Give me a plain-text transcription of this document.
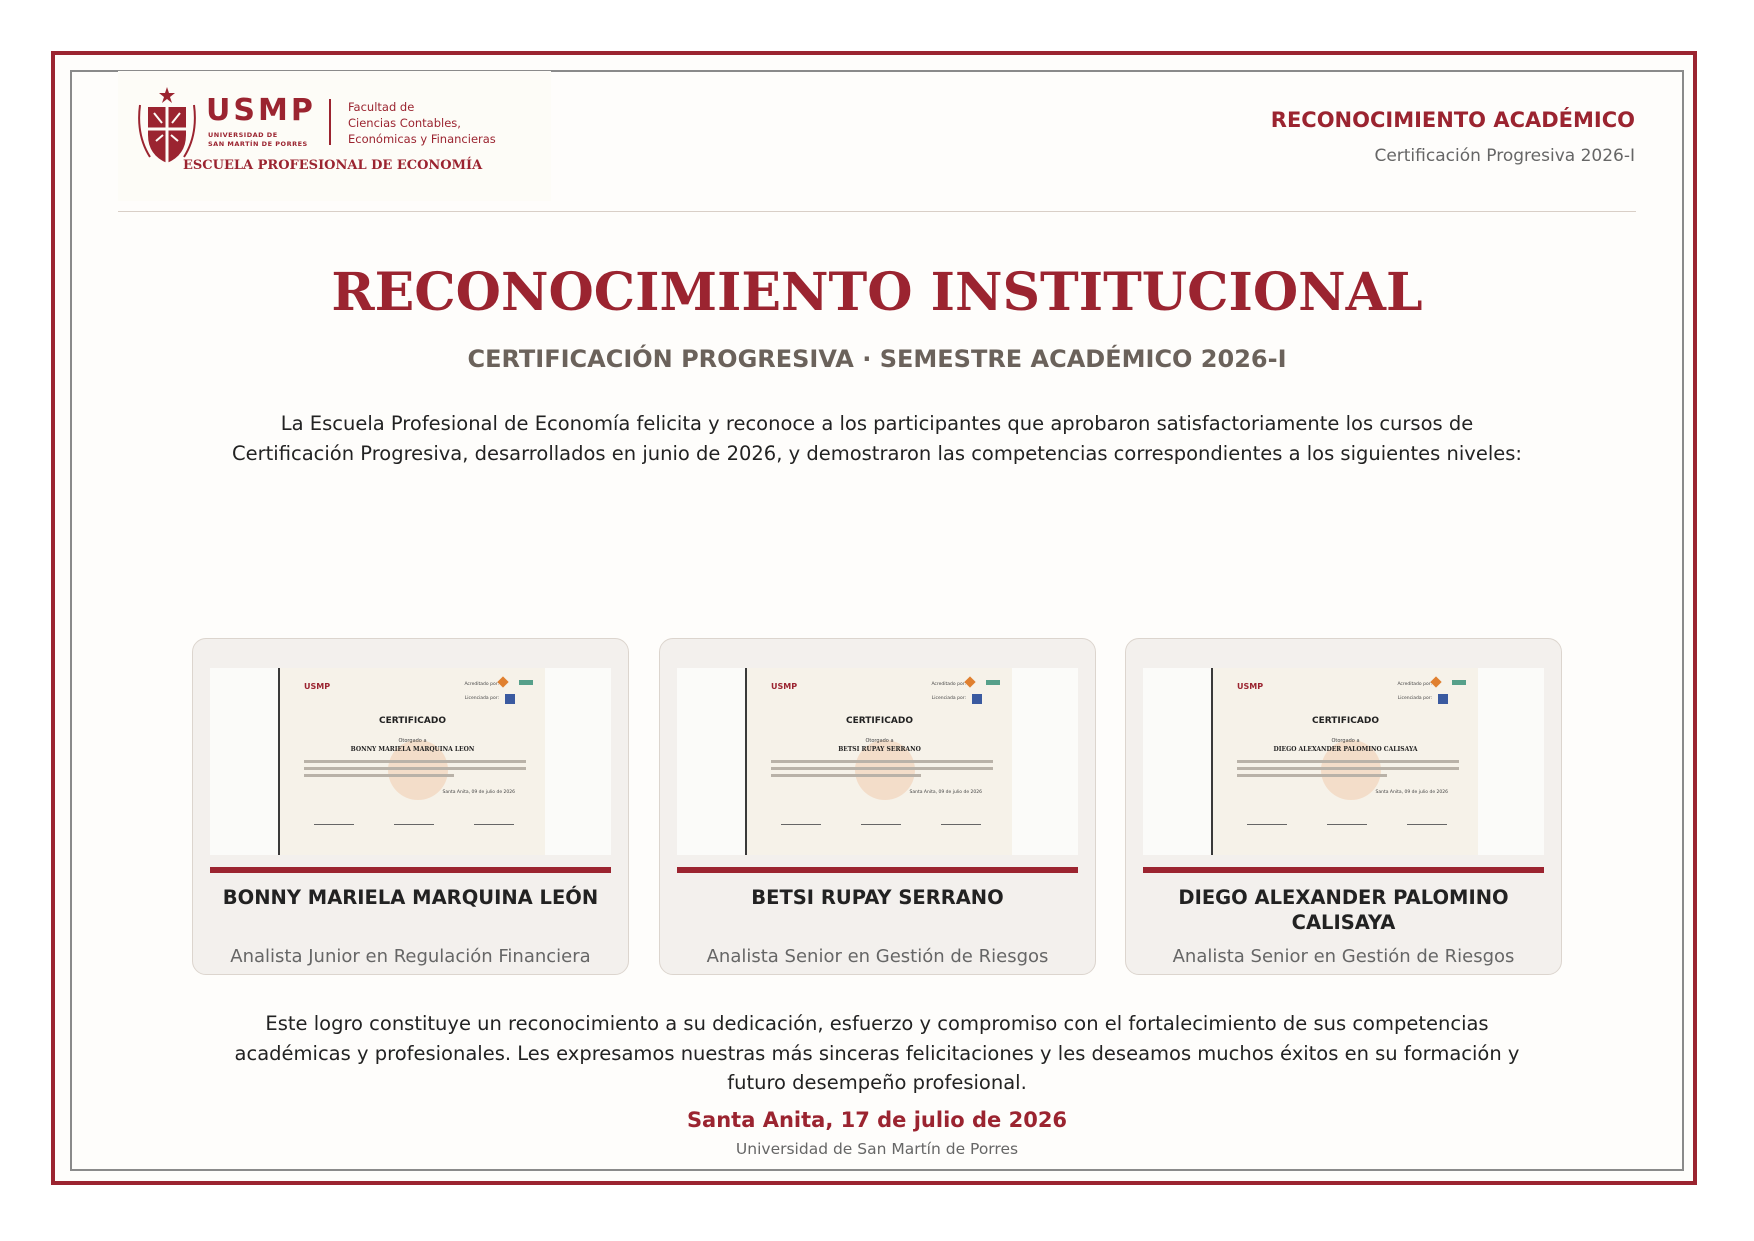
USMP
UNIVERSIDAD DE
SAN MARTÍN DE PORRES
Facultad de
Ciencias Contables,
Económicas y Financieras
ESCUELA PROFESIONAL DE ECONOMÍA
RECONOCIMIENTO ACADÉMICO
Certificación Progresiva 2026-I
RECONOCIMIENTO INSTITUCIONAL
CERTIFICACIÓN PROGRESIVA · SEMESTRE ACADÉMICO 2026-I
La Escuela Profesional de Economía felicita y reconoce a los participantes que aprobaron satisfactoriamente los cursos de Certificación Progresiva, desarrollados en junio de 2026, y demostraron las competencias correspondientes a los siguientes niveles:
USMP	Acreditado por:
Licenciada por:
CERTIFICADO
Otorgado a
BONNY MARIELA MARQUINA LEON
Santa Anita, 09 de julio de 2026
BONNY MARIELA MARQUINA LEÓN
Analista Junior en Regulación Financiera
USMP	Acreditado por:
Licenciada por:
CERTIFICADO
Otorgado a
BETSI RUPAY SERRANO
Santa Anita, 09 de julio de 2026
BETSI RUPAY SERRANO
Analista Senior en Gestión de Riesgos
USMP	Acreditado por:
Licenciada por:
CERTIFICADO
Otorgado a
DIEGO ALEXANDER PALOMINO CALISAYA
Santa Anita, 09 de julio de 2026
DIEGO ALEXANDER PALOMINO CALISAYA
Analista Senior en Gestión de Riesgos
Este logro constituye un reconocimiento a su dedicación, esfuerzo y compromiso con el fortalecimiento de sus competencias académicas y profesionales. Les expresamos nuestras más sinceras felicitaciones y les deseamos muchos éxitos en su formación y futuro desempeño profesional.
Santa Anita, 17 de julio de 2026
Universidad de San Martín de Porres
